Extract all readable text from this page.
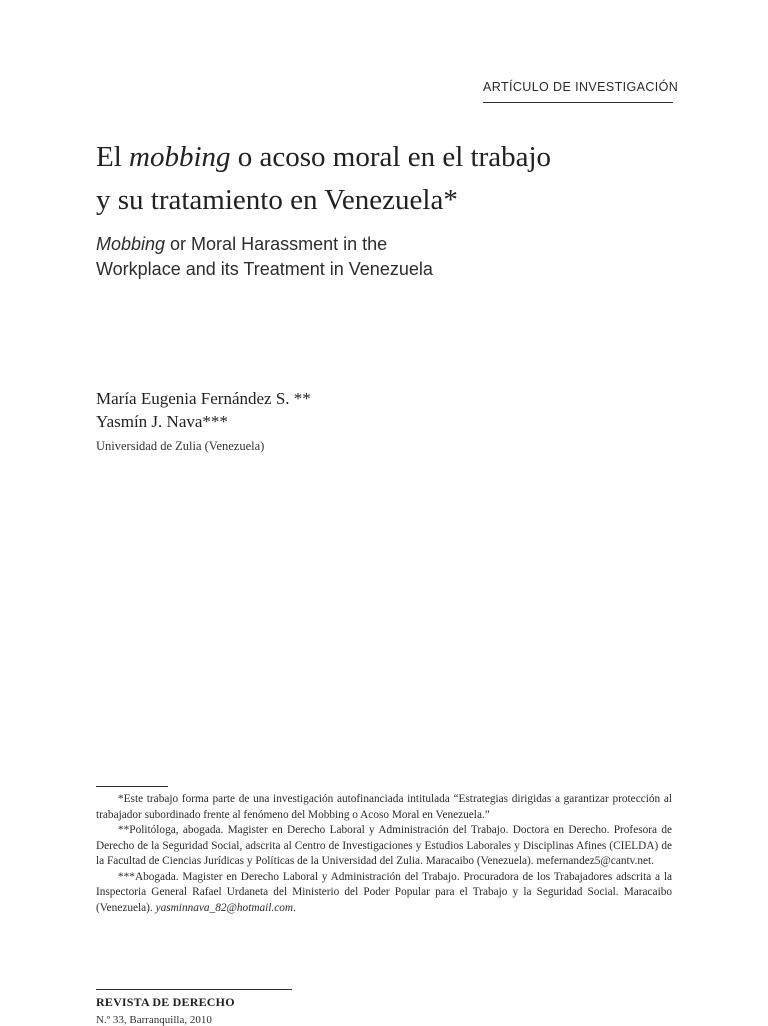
ARTÍCULO DE INVESTIGACIÓN

El mobbing o acoso moral en el trabajo
y su tratamiento en Venezuela*
Mobbing or Moral Harassment in the
Workplace and its Treatment in Venezuela

María Eugenia Fernández S. **

Yasmín J. Nava***

Universidad de Zulia (Venezuela)

*Este trabajo forma parte de una investigación autofinanciada intitulada “Estrategias dirigidas a garantizar protección al trabajador subordinado frente al fenómeno del Mobbing o Acoso Moral en Venezuela.”

**Politóloga, abogada. Magister en Derecho Laboral y Administración del Trabajo. Doctora en Derecho. Profesora de Derecho de la Seguridad Social, adscrita al Centro de Investigaciones y Estudios Laborales y Disciplinas Afines (CIELDA) de la Facultad de Ciencias Jurídicas y Políticas de la Universidad del Zulia. Maracaibo (Venezuela). mefernandez5@cantv.net.

***Abogada. Magister en Derecho Laboral y Administración del Trabajo. Procuradora de los Trabajadores adscrita a la Inspectoria General Rafael Urdaneta del Ministerio del Poder Popular para el Trabajo y la Seguridad Social. Maracaibo (Venezuela). yasminnava_82@hotmail.com.

REVISTA DE DERECHO

N.º 33, Barranquilla, 2010
